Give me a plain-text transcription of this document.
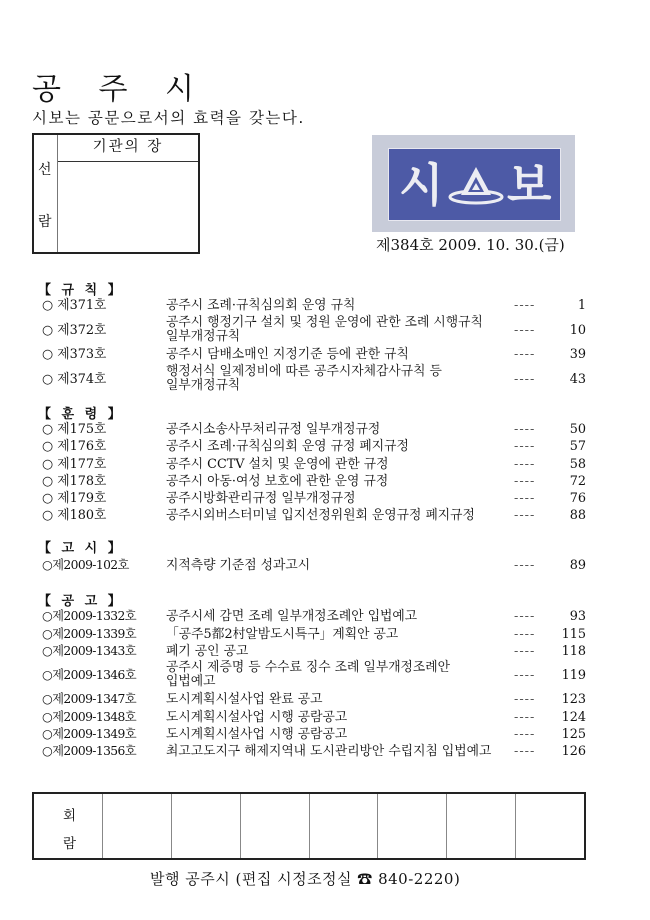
공 주 시
시보는 공문으로서의 효력을 갖는다.
선
람
기관의 장
시 보
제384호 2009. 10. 30.(금)
【 규 칙 】
○ 제371호	공주시 조례·규칙심의회 운영 규칙	----	1
○ 제372호
공주시 행정기구 설치 및 정원 운영에 관한 조례 시행규칙
일부개정규칙	----	10
○ 제373호	공주시 담배소매인 지정기준 등에 관한 규칙	----	39
○ 제374호
행정서식 일제정비에 따른 공주시자체감사규칙 등
일부개정규칙	----	43
【 훈 령 】
○ 제175호	공주시소송사무처리규정 일부개정규정	----	50
○ 제176호	공주시 조례·규칙심의회 운영 규정 폐지규정	----	57
○ 제177호	공주시 CCTV 설치 및 운영에 관한 규정	----	58
○ 제178호	공주시 아동·여성 보호에 관한 운영 규정	----	72
○ 제179호	공주시방화관리규정 일부개정규정	----	76
○ 제180호	공주시외버스터미널 입지선정위원회 운영규정 폐지규정	----	88
【 고 시 】
○제2009-102호	지적측량 기준점 성과고시	----	89
【 공 고 】
○제2009-1332호 공주시세 감면 조례 일부개정조례안 입법예고	----	93
○제2009-1339호 「공주5都2村알밤도시특구」계획안 공고	---- 115
○제2009-1343호 폐기 공인 공고	---- 118
○제2009-1346호 공주시 제증명 등 수수료 징수 조례 일부개정조례안
입법예고	---- 119
○제2009-1347호 도시계획시설사업 완료 공고	---- 123
○제2009-1348호 도시계획시설사업 시행 공람공고	---- 124
○제2009-1349호 도시계획시설사업 시행 공람공고	---- 125
○제2009-1356호 최고고도지구 해제지역내 도시관리방안 수립지침 입법예고 ---- 126
회
람
발행 공주시 (편집 시정조정실 ☎ 840-2220)
